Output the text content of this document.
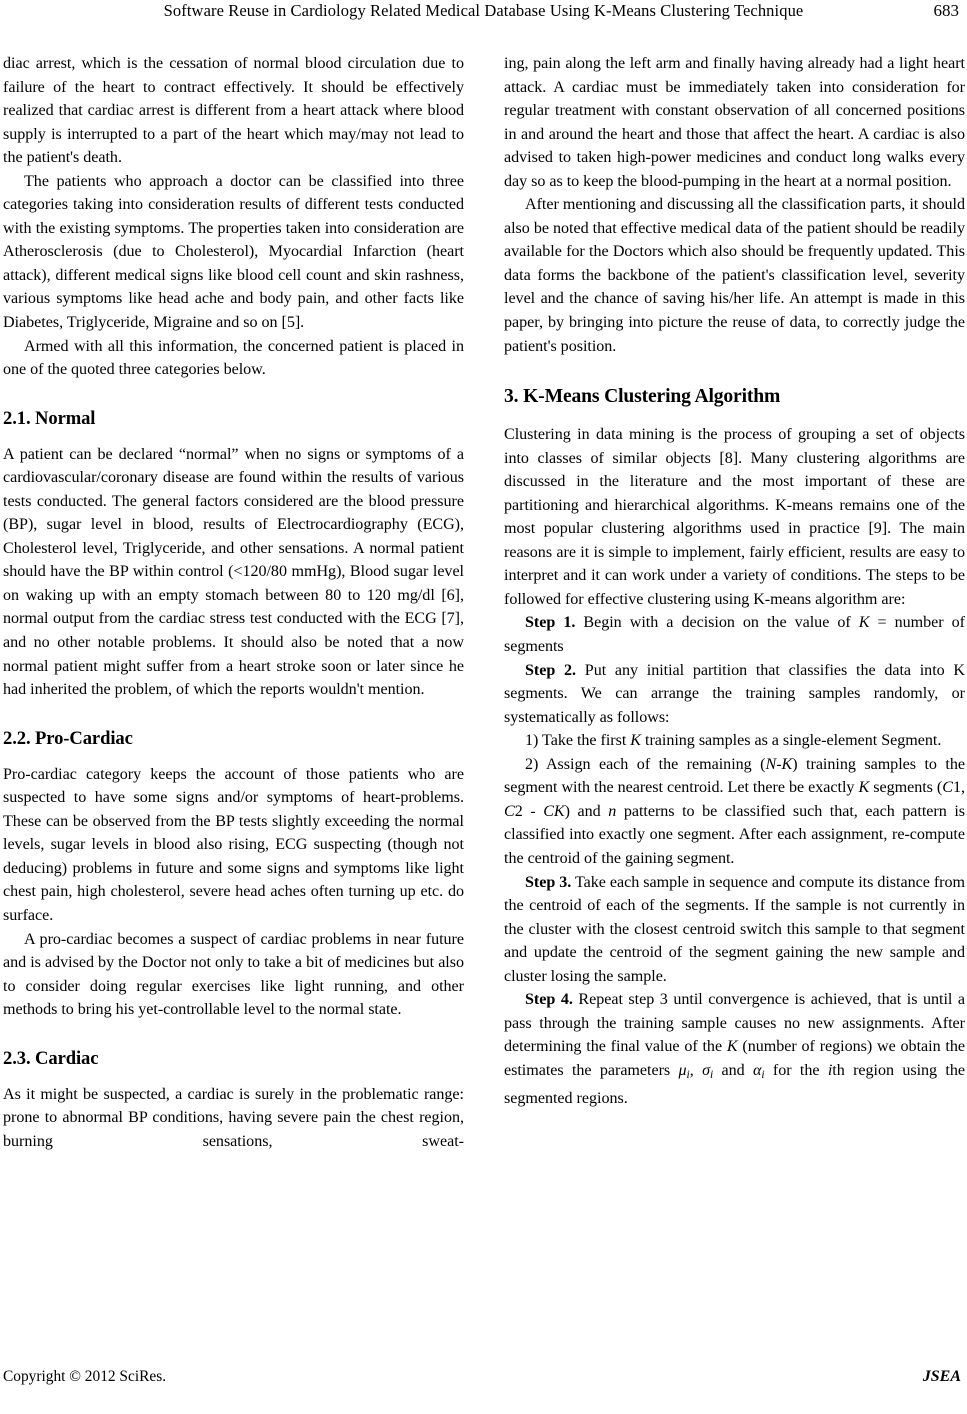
Software Reuse in Cardiology Related Medical Database Using K-Means Clustering Technique	683

diac arrest, which is the cessation of normal blood circulation due to failure of the heart to contract effectively. It should be effectively realized that cardiac arrest is different from a heart attack where blood supply is interrupted to a part of the heart which may/may not lead to the patient's death.

The patients who approach a doctor can be classified into three categories taking into consideration results of different tests conducted with the existing symptoms. The properties taken into consideration are Atherosclerosis (due to Cholesterol), Myocardial Infarction (heart attack), different medical signs like blood cell count and skin rashness, various symptoms like head ache and body pain, and other facts like Diabetes, Triglyceride, Migraine and so on [5].

Armed with all this information, the concerned patient is placed in one of the quoted three categories below.

2.1. Normal

A patient can be declared “normal” when no signs or symptoms of a cardiovascular/coronary disease are found within the results of various tests conducted. The general factors considered are the blood pressure (BP), sugar level in blood, results of Electrocardiography (ECG), Cholesterol level, Triglyceride, and other sensations. A normal patient should have the BP within control (<120/80 mmHg), Blood sugar level on waking up with an empty stomach between 80 to 120 mg/dl [6], normal output from the cardiac stress test conducted with the ECG [7], and no other notable problems. It should also be noted that a now normal patient might suffer from a heart stroke soon or later since he had inherited the problem, of which the reports wouldn't mention.

2.2. Pro-Cardiac

Pro-cardiac category keeps the account of those patients who are suspected to have some signs and/or symptoms of heart-problems. These can be observed from the BP tests slightly exceeding the normal levels, sugar levels in blood also rising, ECG suspecting (though not deducing) problems in future and some signs and symptoms like light chest pain, high cholesterol, severe head aches often turning up etc. do surface.

A pro-cardiac becomes a suspect of cardiac problems in near future and is advised by the Doctor not only to take a bit of medicines but also to consider doing regular exercises like light running, and other methods to bring his yet-controllable level to the normal state.

2.3. Cardiac

As it might be suspected, a cardiac is surely in the problematic range: prone to abnormal BP conditions, having severe pain the chest region, burning sensations, sweat-

ing, pain along the left arm and finally having already had a light heart attack. A cardiac must be immediately taken into consideration for regular treatment with constant observation of all concerned positions in and around the heart and those that affect the heart. A cardiac is also advised to taken high-power medicines and conduct long walks every day so as to keep the blood-pumping in the heart at a normal position.

After mentioning and discussing all the classification parts, it should also be noted that effective medical data of the patient should be readily available for the Doctors which also should be frequently updated. This data forms the backbone of the patient's classification level, severity level and the chance of saving his/her life. An attempt is made in this paper, by bringing into picture the reuse of data, to correctly judge the patient's position.

3. K-Means Clustering Algorithm

Clustering in data mining is the process of grouping a set of objects into classes of similar objects [8]. Many clustering algorithms are discussed in the literature and the most important of these are partitioning and hierarchical algorithms. K-means remains one of the most popular clustering algorithms used in practice [9]. The main reasons are it is simple to implement, fairly efficient, results are easy to interpret and it can work under a variety of conditions. The steps to be followed for effective clustering using K-means algorithm are:

Step 1. Begin with a decision on the value of K = number of segments

Step 2. Put any initial partition that classifies the data into K segments. We can arrange the training samples randomly, or systematically as follows:

1) Take the first K training samples as a single-element Segment.

2) Assign each of the remaining (N-K) training samples to the segment with the nearest centroid. Let there be exactly K segments (C1, C2 - CK) and n patterns to be classified such that, each pattern is classified into exactly one segment. After each assignment, re-compute the centroid of the gaining segment.

Step 3. Take each sample in sequence and compute its distance from the centroid of each of the segments. If the sample is not currently in the cluster with the closest centroid switch this sample to that segment and update the centroid of the segment gaining the new sample and cluster losing the sample.

Step 4. Repeat step 3 until convergence is achieved, that is until a pass through the training sample causes no new assignments. After determining the final value of the K (number of regions) we obtain the estimates the parameters $\mu_i$, $\sigma_i$ and $\alpha_i$ for the ith region using the segmented regions.

Copyright © 2012 SciRes.	JSEA
